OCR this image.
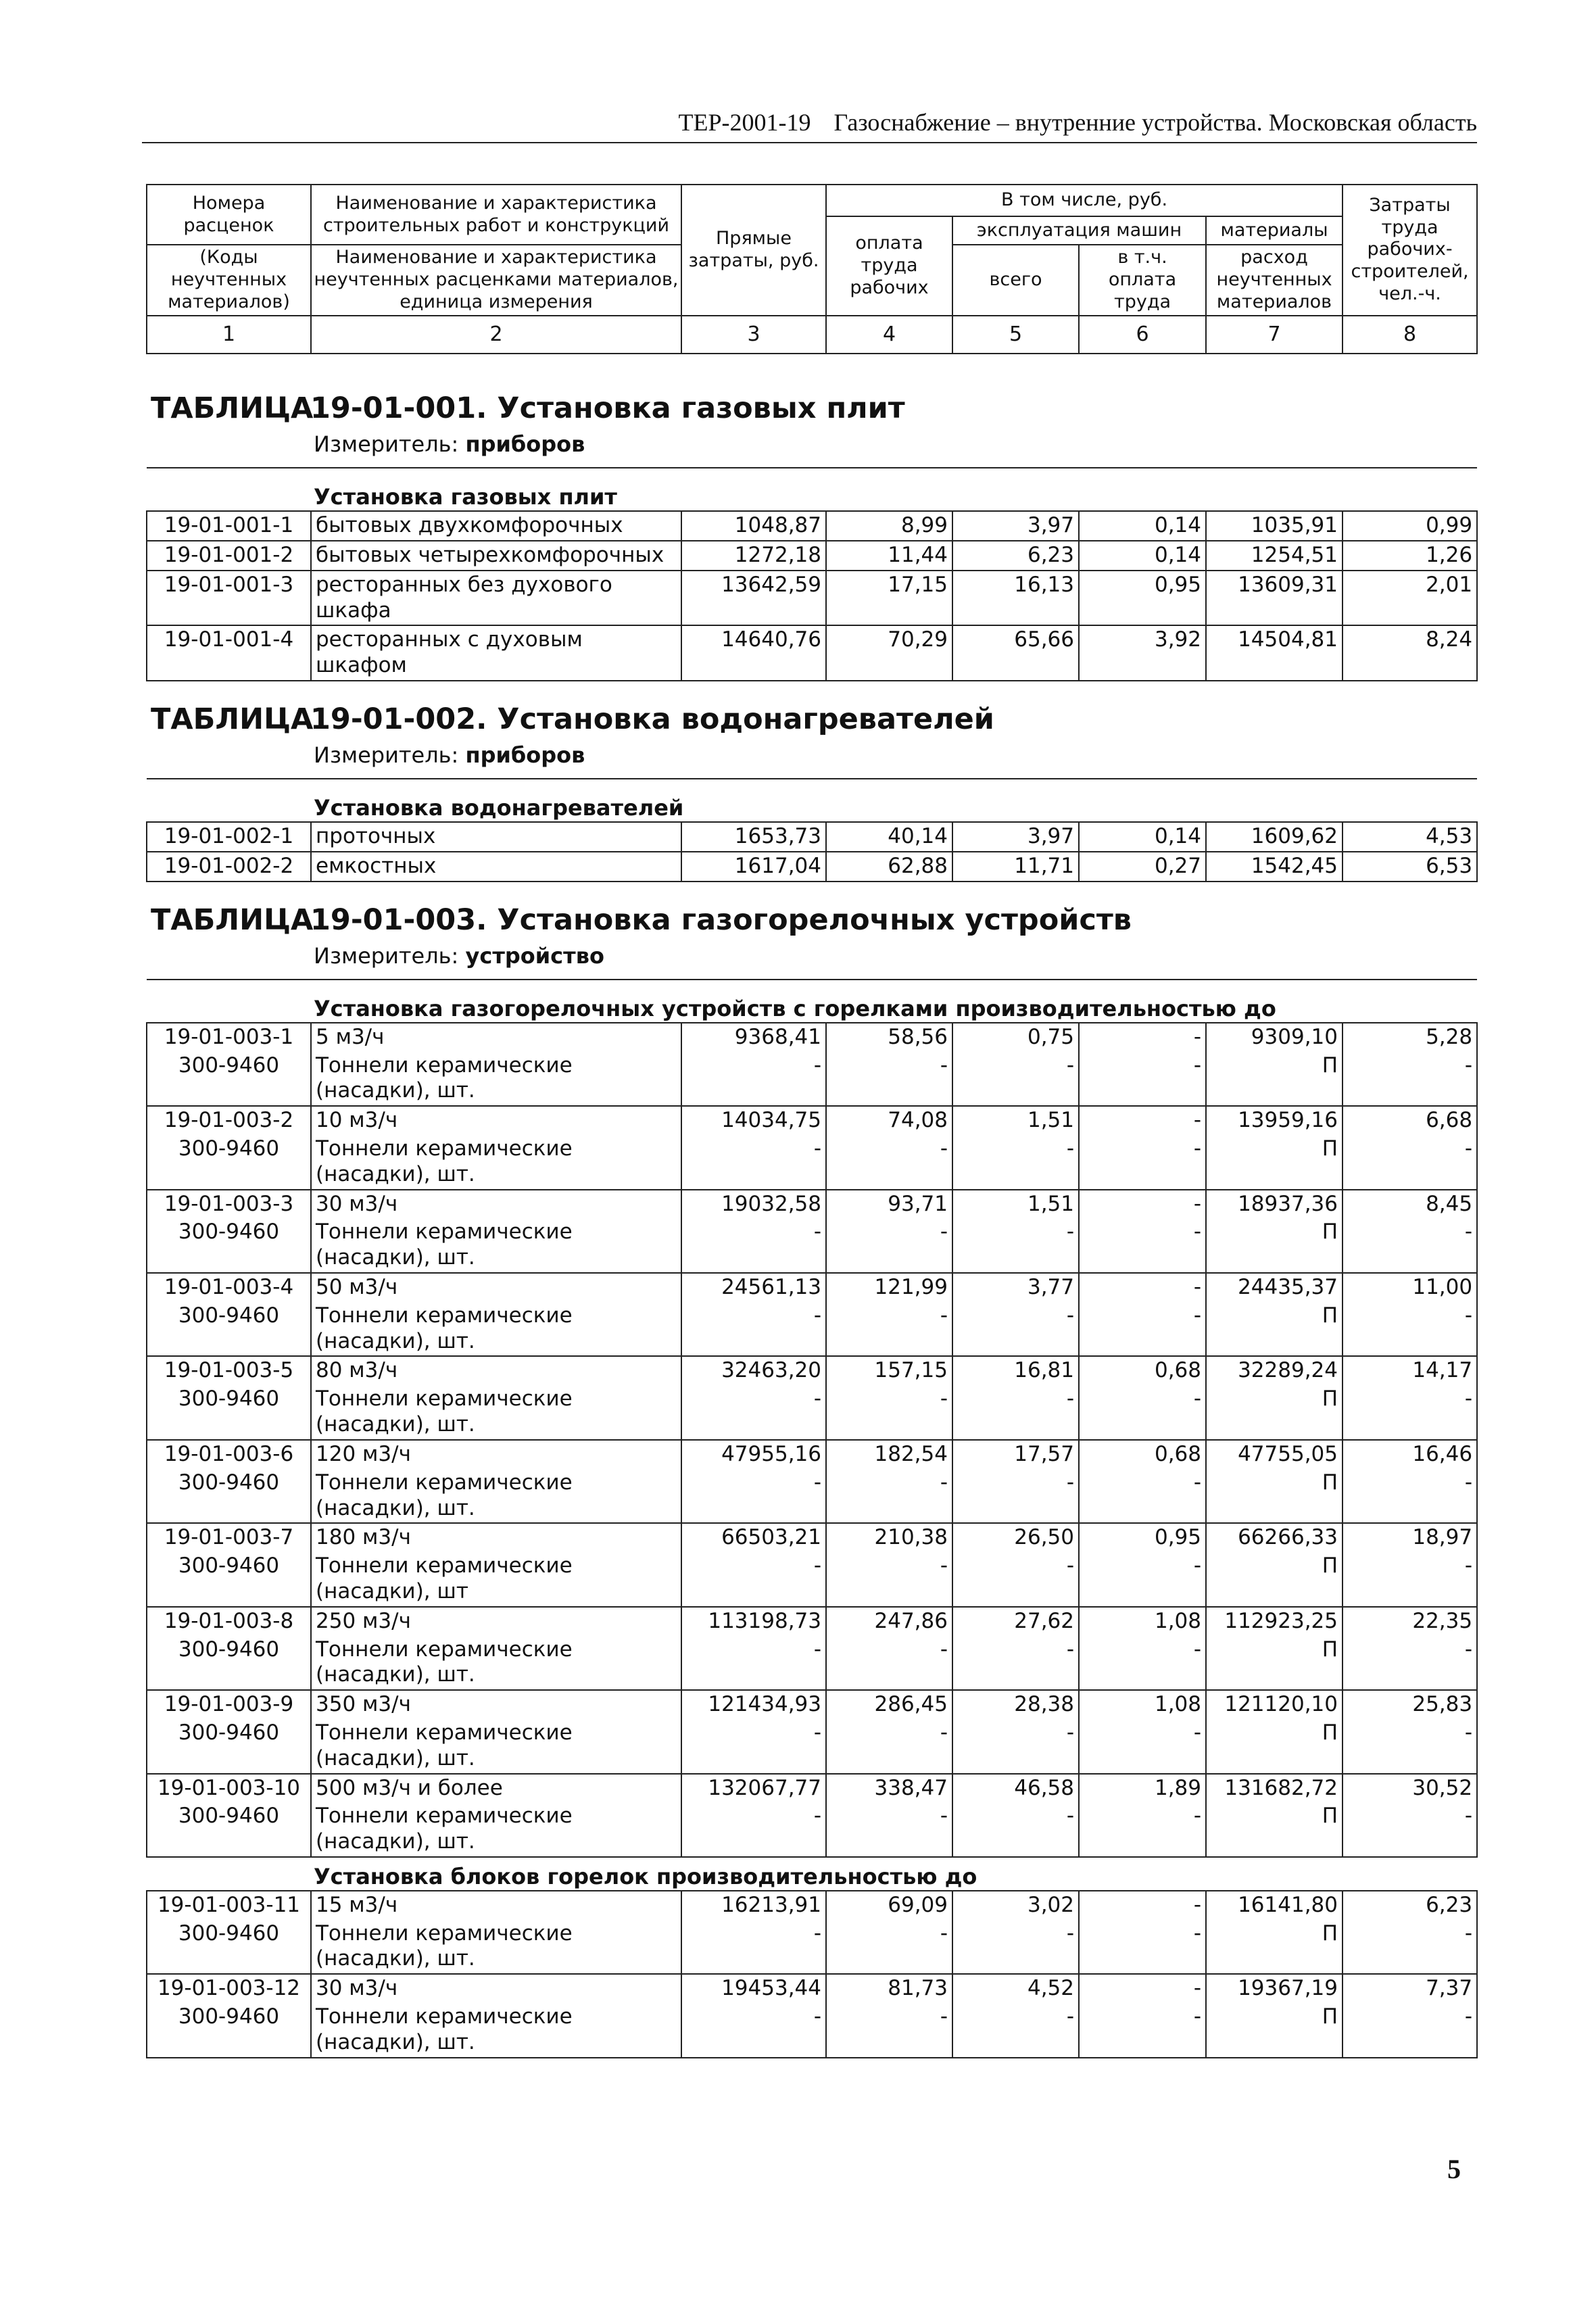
ТЕР-2001-19 Газоснабжение – внутренние устройства. Московская область
Номера расценок	Наименование и характеристика строительных работ и конструкций	Прямые затраты, руб.	В том числе, руб.				Затраты труда рабочих-строителей, чел.-ч.
			оплата труда рабочих	эксплуатация машин		материалы	
(Коды неучтенных материалов)	Наименование и характеристика неучтенных расценками материалов, единица измерения			всего	в т.ч. оплата труда	расход неучтенных материалов	

1	2	3	4	5	6	7	8
ТАБЛИЦА19-01-001. Установка газовых плит							
Измеритель: приборов							
Установка газовых плит							
19-01-001-1	бытовых двухкомфорочных	1048,87	8,99	3,97	0,14	1035,91	0,99
19-01-001-2	бытовых четырехкомфорочных	1272,18	11,44	6,23	0,14	1254,51	1,26
19-01-001-3	ресторанных без духового шкафа	13642,59	17,15	16,13	0,95	13609,31	2,01
19-01-001-4	ресторанных с духовым шкафом	14640,76	70,29	65,66	3,92	14504,81	8,24
ТАБЛИЦА19-01-002. Установка водонагревателей							
Измеритель: приборов							
Установка водонагревателей							
19-01-002-1	проточных	1653,73	40,14	3,97	0,14	1609,62	4,53
19-01-002-2	емкостных	1617,04	62,88	11,71	0,27	1542,45	6,53
ТАБЛИЦА19-01-003. Установка газогорелочных устройств							
Измеритель: устройство							
Установка газогорелочных устройств с горелками производительностью до							
19-01-003-1	5 м3/ч	9368,41	58,56	0,75	-	9309,10	5,28
300-9460	Тоннели керамические (насадки), шт.	-	-	-	-	П	-
19-01-003-2	10 м3/ч	14034,75	74,08	1,51	-	13959,16	6,68
300-9460	Тоннели керамические (насадки), шт.	-	-	-	-	П	-
19-01-003-3	30 м3/ч	19032,58	93,71	1,51	-	18937,36	8,45
300-9460	Тоннели керамические (насадки), шт.	-	-	-	-	П	-
19-01-003-4	50 м3/ч	24561,13	121,99	3,77	-	24435,37	11,00
300-9460	Тоннели керамические (насадки), шт.	-	-	-	-	П	-
19-01-003-5	80 м3/ч	32463,20	157,15	16,81	0,68	32289,24	14,17
300-9460	Тоннели керамические (насадки), шт.	-	-	-	-	П	-
19-01-003-6	120 м3/ч	47955,16	182,54	17,57	0,68	47755,05	16,46
300-9460	Тоннели керамические (насадки), шт.	-	-	-	-	П	-
19-01-003-7	180 м3/ч	66503,21	210,38	26,50	0,95	66266,33	18,97
300-9460	Тоннели керамические (насадки), шт	-	-	-	-	П	-
19-01-003-8	250 м3/ч	113198,73	247,86	27,62	1,08	112923,25	22,35
300-9460	Тоннели керамические (насадки), шт.	-	-	-	-	П	-
19-01-003-9	350 м3/ч	121434,93	286,45	28,38	1,08	121120,10	25,83
300-9460	Тоннели керамические (насадки), шт.	-	-	-	-	П	-
19-01-003-10	500 м3/ч и более	132067,77	338,47	46,58	1,89	131682,72	30,52
300-9460	Тоннели керамические (насадки), шт.	-	-	-	-	П	-
Установка блоков горелок производительностью до							
19-01-003-11	15 м3/ч	16213,91	69,09	3,02	-	16141,80	6,23
300-9460	Тоннели керамические (насадки), шт.	-	-	-	-	П	-
19-01-003-12	30 м3/ч	19453,44	81,73	4,52	-	19367,19	7,37
300-9460	Тоннели керамические (насадки), шт.	-	-	-	-	П	-
5
